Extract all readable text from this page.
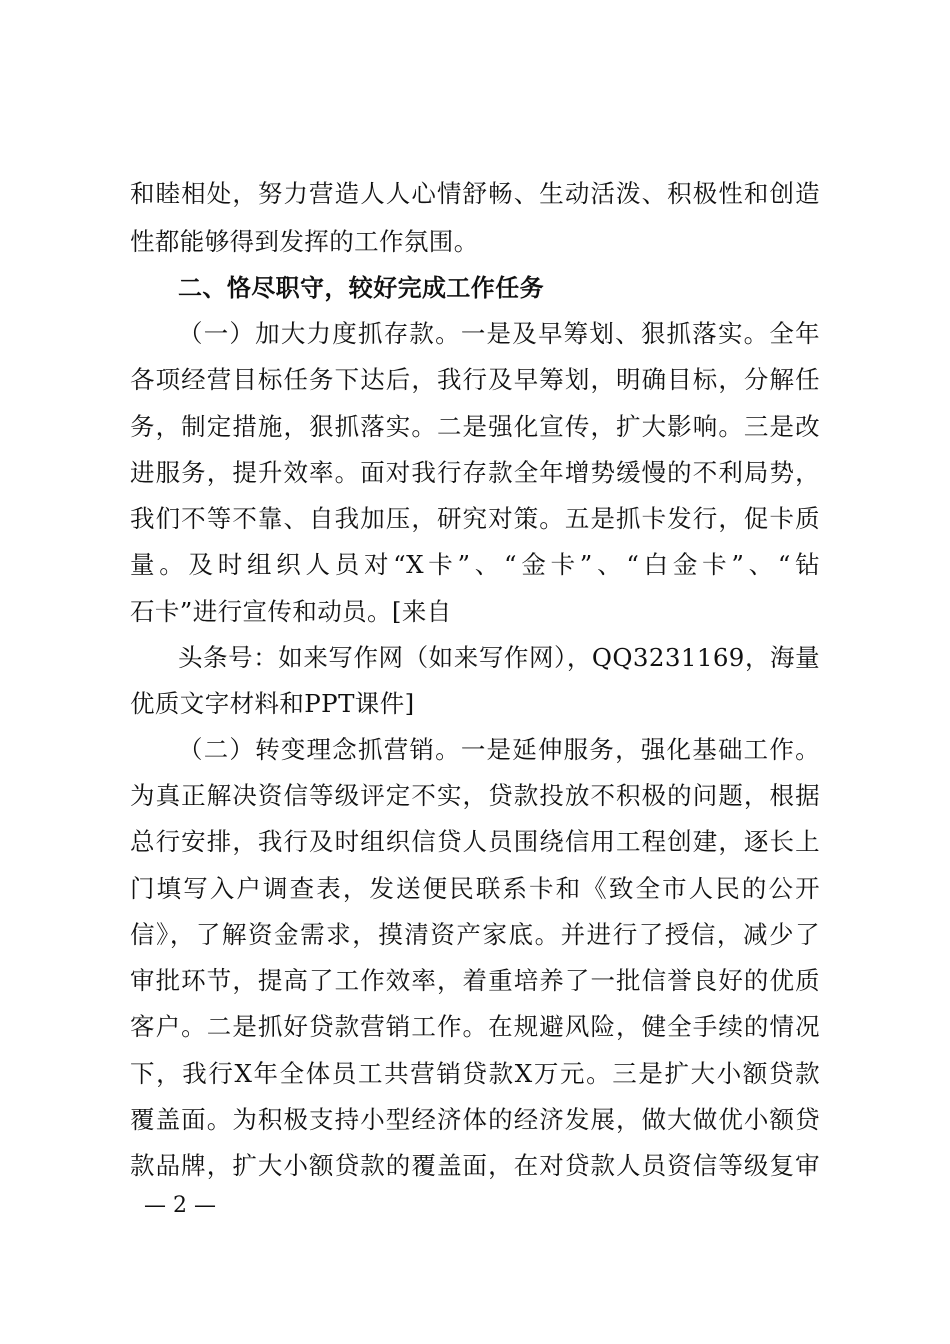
和睦相处，努力营造人人心情舒畅、生动活泼、积极性和创造
性都能够得到发挥的工作氛围。
二、恪尽职守，较好完成工作任务
（一）加大力度抓存款。一是及早筹划、狠抓落实。全年
各项经营目标任务下达后，我行及早筹划，明确目标，分解任
务，制定措施，狠抓落实。二是强化宣传，扩大影响。三是改
进服务，提升效率。面对我行存款全年增势缓慢的不利局势，
我们不等不靠、自我加压，研究对策。五是抓卡发行，促卡质
量。及时组织人员对“X卡”、“金卡”、“白金卡”、“钻
石卡”进行宣传和动员。[来自
头条号：如来写作网（如来写作网），QQ3231169，海量
优质文字材料和PPT课件]
（二）转变理念抓营销。一是延伸服务，强化基础工作。
为真正解决资信等级评定不实，贷款投放不积极的问题，根据
总行安排，我行及时组织信贷人员围绕信用工程创建，逐长上
门填写入户调查表，发送便民联系卡和《致全市人民的公开
信》，了解资金需求，摸清资产家底。并进行了授信，减少了
审批环节，提高了工作效率，着重培养了一批信誉良好的优质
客户。二是抓好贷款营销工作。在规避风险，健全手续的情况
下，我行X年全体员工共营销贷款X万元。三是扩大小额贷款
覆盖面。为积极支持小型经济体的经济发展，做大做优小额贷
款品牌，扩大小额贷款的覆盖面，在对贷款人员资信等级复审
— 2 —
